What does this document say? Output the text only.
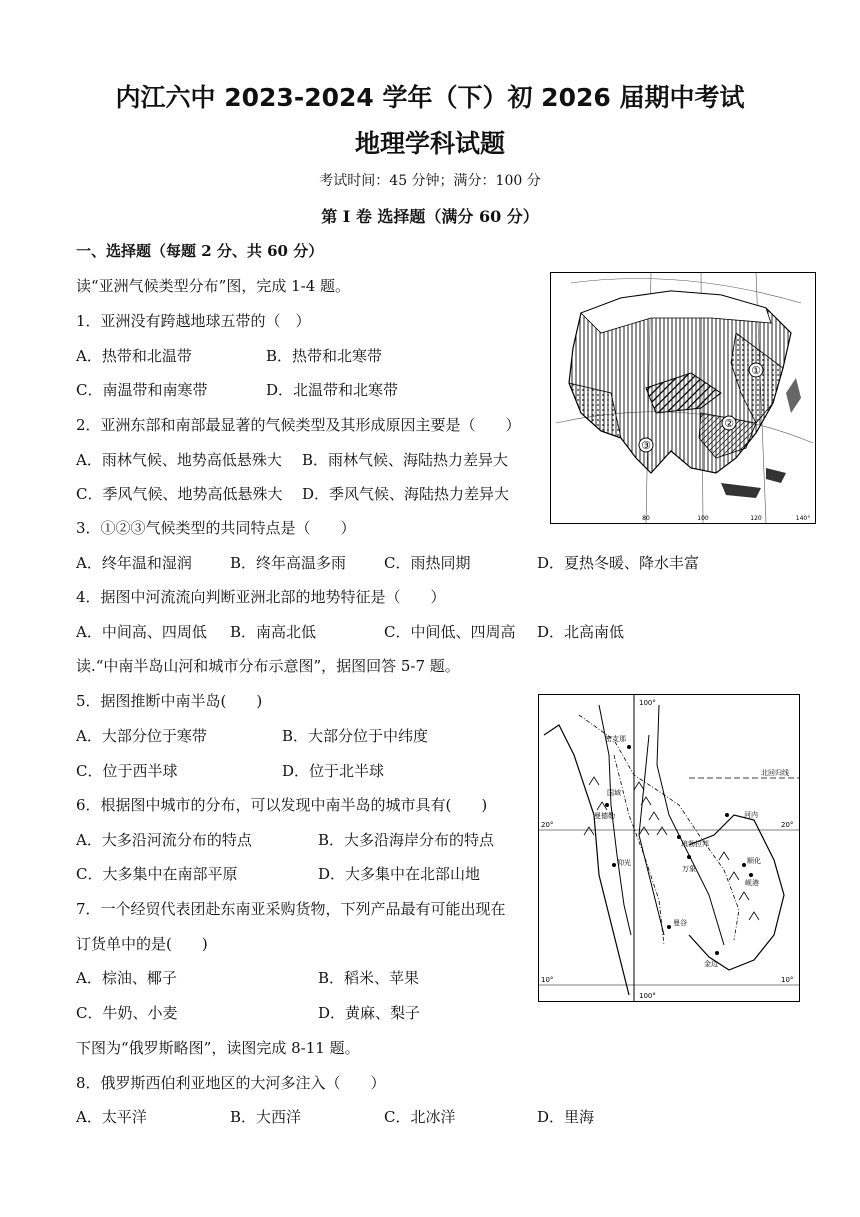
内江六中 2023-2024 学年（下）初 2026 届期中考试
地理学科试题
考试时间：45 分钟；满分：100 分
第 I 卷 选择题（满分 60 分）
一、选择题（每题 2 分、共 60 分）
读“亚洲气候类型分布”图，完成 1-4 题。
1．亚洲没有跨越地球五带的（　）
A．热带和北温带	B．热带和北寒带
C．南温带和南寒带	D．北温带和北寒带
2．亚洲东部和南部最显著的气候类型及其形成原因主要是（　　）
A．雨林气候、地势高低悬殊大 B．雨林气候、海陆热力差异大
C．季风气候、地势高低悬殊大 D．季风气候、海陆热力差异大
3．①②③气候类型的共同特点是（　　）
A．终年温和湿润	B．终年高温多雨	C．雨热同期	D．夏热冬暖、降水丰富
4．据图中河流流向判断亚洲北部的地势特征是（　　）
A．中间高、四周低 B．南高北低	C．中间低、四周高 D．北高南低
读.“中南半岛山河和城市分布示意图”，据图回答 5-7 题。
5．据图推断中南半岛(　　)
A．大部分位于寒带	B．大部分位于中纬度
C．位于西半球	D．位于北半球
6．根据图中城市的分布，可以发现中南半岛的城市具有(　　)
A．大多沿河流分布的特点	B．大多沿海岸分布的特点
C．大多集中在南部平原	D．大多集中在北部山地
7．一个经贸代表团赴东南亚采购货物，下列产品最有可能出现在
订货单中的是(　　)
A．棕油、椰子	B．稻米、苹果
C．牛奶、小麦	D．黄麻、梨子
下图为“俄罗斯略图”，读图完成 8-11 题。
8．俄罗斯西伯利亚地区的大河多注入（　　）
A．太平洋	B．大西洋	C．北冰洋	D．里海
①
②
③
80	100	120	140°
100°
100°
20°	20°
10°	10°
北回归线
密支那
曼德勒
仰光
曼谷
金边
万象
河内
琅勃拉邦
顺化
岘港
国域
